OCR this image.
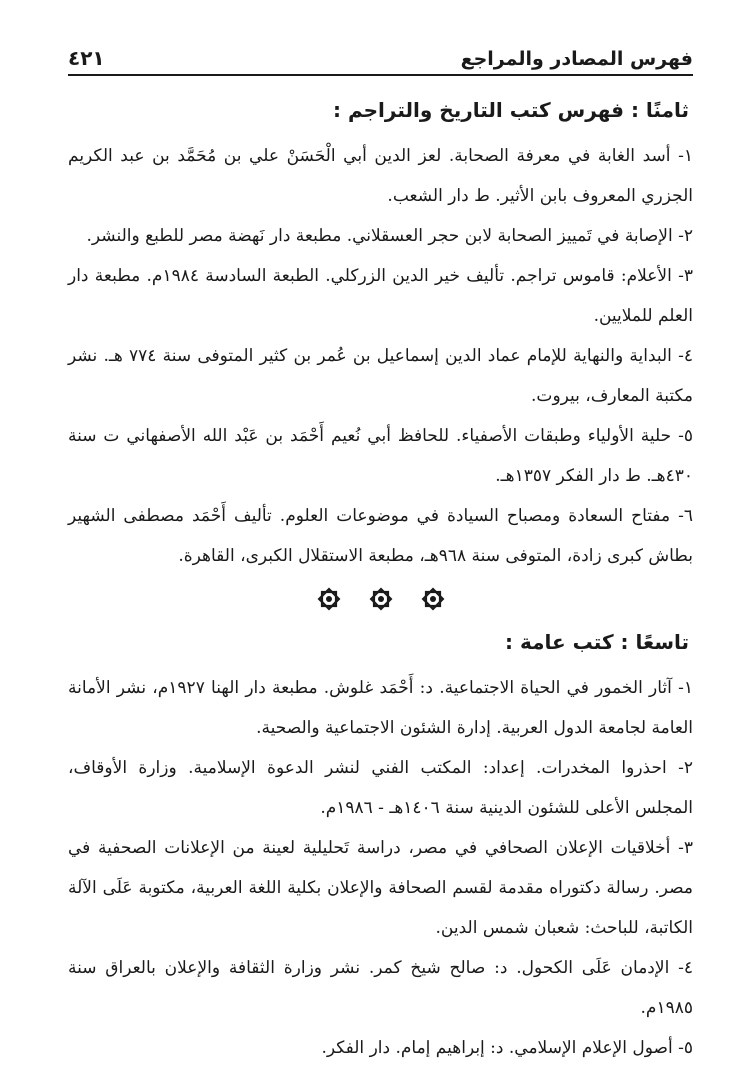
فهرس المصادر والمراجع
٤٢١
ثامنًا : فهرس كتب التاريخ والتراجم :

١- أسد الغابة في معرفة الصحابة. لعز الدين أبي الْحَسَنْ علي بن مُحَمَّد بن عبد الكريم الجزري المعروف بابن الأثير. ط دار الشعب.

٢- الإصابة في تَمييز الصحابة لابن حجر العسقلاني. مطبعة دار نَهضة مصر للطبع والنشر.

٣- الأعلام: قاموس تراجم. تأليف خير الدين الزركلي. الطبعة السادسة ١٩٨٤م. مطبعة دار العلم للملايين.

٤- البداية والنهاية للإمام عماد الدين إسماعيل بن عُمر بن كثير المتوفى سنة ٧٧٤ هـ. نشر مكتبة المعارف، بيروت.

٥- حلية الأولياء وطبقات الأصفياء. للحافظ أبي نُعيم أَحْمَد بن عَبْد الله الأصفهاني ت سنة ٤٣٠هـ. ط دار الفكر ١٣٥٧هـ.

٦- مفتاح السعادة ومصباح السيادة في موضوعات العلوم. تأليف أَحْمَد مصطفى الشهير بطاش كبرى زادة، المتوفى سنة ٩٦٨هـ، مطبعة الاستقلال الكبرى، القاهرة.

تاسعًا : كتب عامة :

١- آثار الخمور في الحياة الاجتماعية. د: أَحْمَد غلوش. مطبعة دار الهنا ١٩٢٧م، نشر الأمانة العامة لجامعة الدول العربية. إدارة الشئون الاجتماعية والصحية.

٢- احذروا المخدرات. إعداد: المكتب الفني لنشر الدعوة الإسلامية. وزارة الأوقاف، المجلس الأعلى للشئون الدينية سنة ١٤٠٦هـ - ١٩٨٦م.

٣- أخلاقيات الإعلان الصحافي في مصر، دراسة تَحليلية لعينة من الإعلانات الصحفية في مصر. رسالة دكتوراه مقدمة لقسم الصحافة والإعلان بكلية اللغة العربية، مكتوبة عَلَى الآلة الكاتبة، للباحث: شعبان شمس الدين.

٤- الإدمان عَلَى الكحول. د: صالح شيخ كمر. نشر وزارة الثقافة والإعلان بالعراق سنة ١٩٨٥م.

٥- أصول الإعلام الإسلامي. د: إبراهيم إمام. دار الفكر.
